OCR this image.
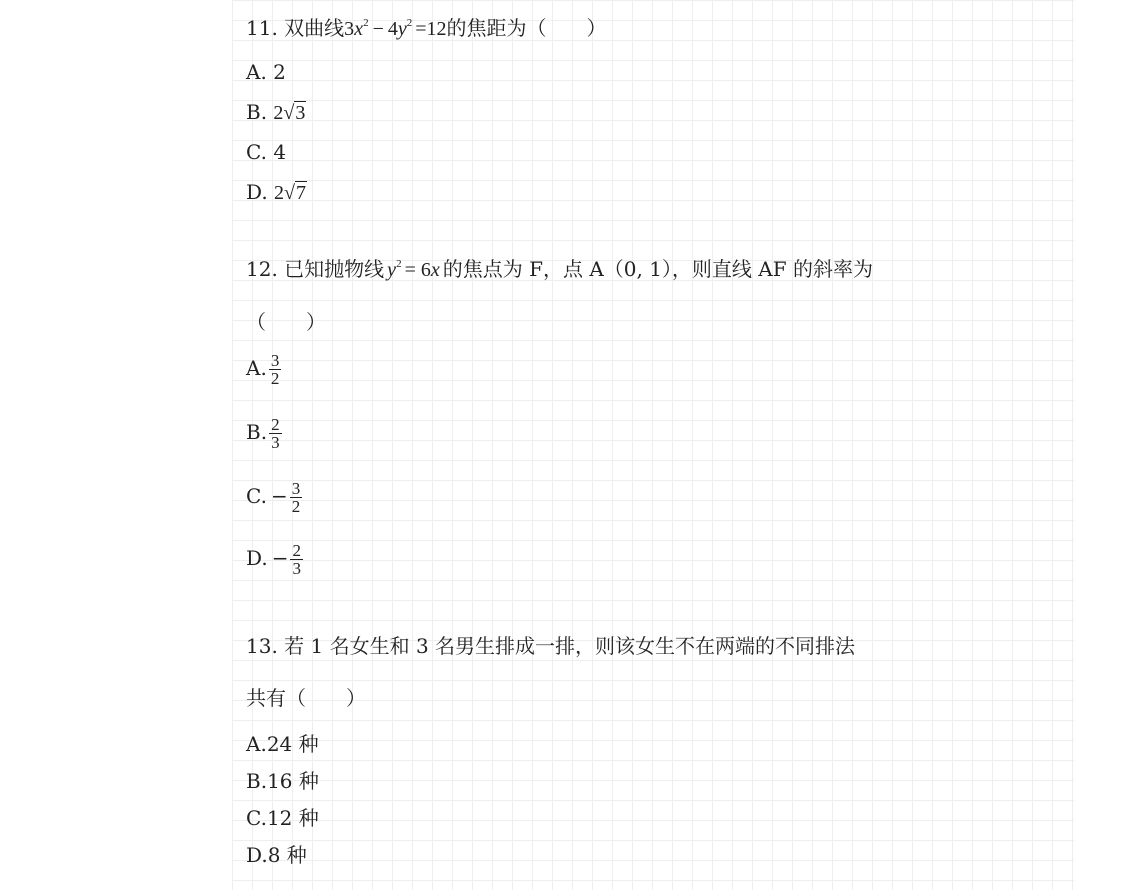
11. 双曲线$3x^2 - 4y^2 =12$的焦距为（　　）
A. 2
B. 2√3
C. 4
D. 2√7
12. 已知抛物线 $y^2 = 6x$ 的焦点为 F，点 A（0, 1），则直线 AF 的斜率为
（　　）
A. $\frac{3}{2}$
B. $\frac{2}{3}$
C. − $\frac{3}{2}$
D. − $\frac{2}{3}$
13. 若 1 名女生和 3 名男生排成一排，则该女生不在两端的不同排法
共有（　　）
A.24 种
B.16 种
C.12 种
D.8 种
